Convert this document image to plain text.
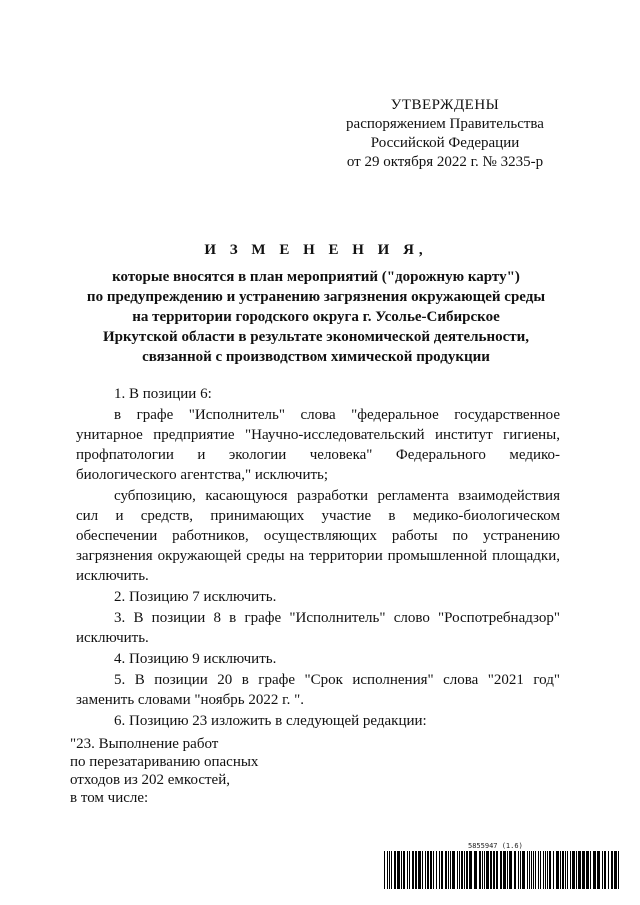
УТВЕРЖДЕНЫ
распоряжением Правительства
Российской Федерации
от 29 октября 2022 г. № 3235-р
И З М Е Н Е Н И Я,
которые вносятся в план мероприятий ("дорожную карту")
по предупреждению и устранению загрязнения окружающей среды
на территории городского округа г. Усолье-Сибирское
Иркутской области в результате экономической деятельности,
связанной с производством химической продукции

1. В позиции 6:

в графе "Исполнитель" слова "федеральное государственное унитарное предприятие "Научно-исследовательский институт гигиены, профпатологии и экологии человека" Федерального медико-биологического агентства," исключить;

субпозицию, касающуюся разработки регламента взаимодействия сил и средств, принимающих участие в медико-биологическом обеспечении работников, осуществляющих работы по устранению загрязнения окружающей среды на территории промышленной площадки, исключить.

2. Позицию 7 исключить.

3. В позиции 8 в графе "Исполнитель" слово "Роспотребнадзор" исключить.

4. Позицию 9 исключить.

5. В позиции 20 в графе "Срок исполнения" слова "2021 год" заменить словами "ноябрь 2022 г. ".

6. Позицию 23 изложить в следующей редакции:

"23. Выполнение работ
по перезатариванию опасных
отходов из 202 емкостей,
в том числе:
5855947 (1.6)
